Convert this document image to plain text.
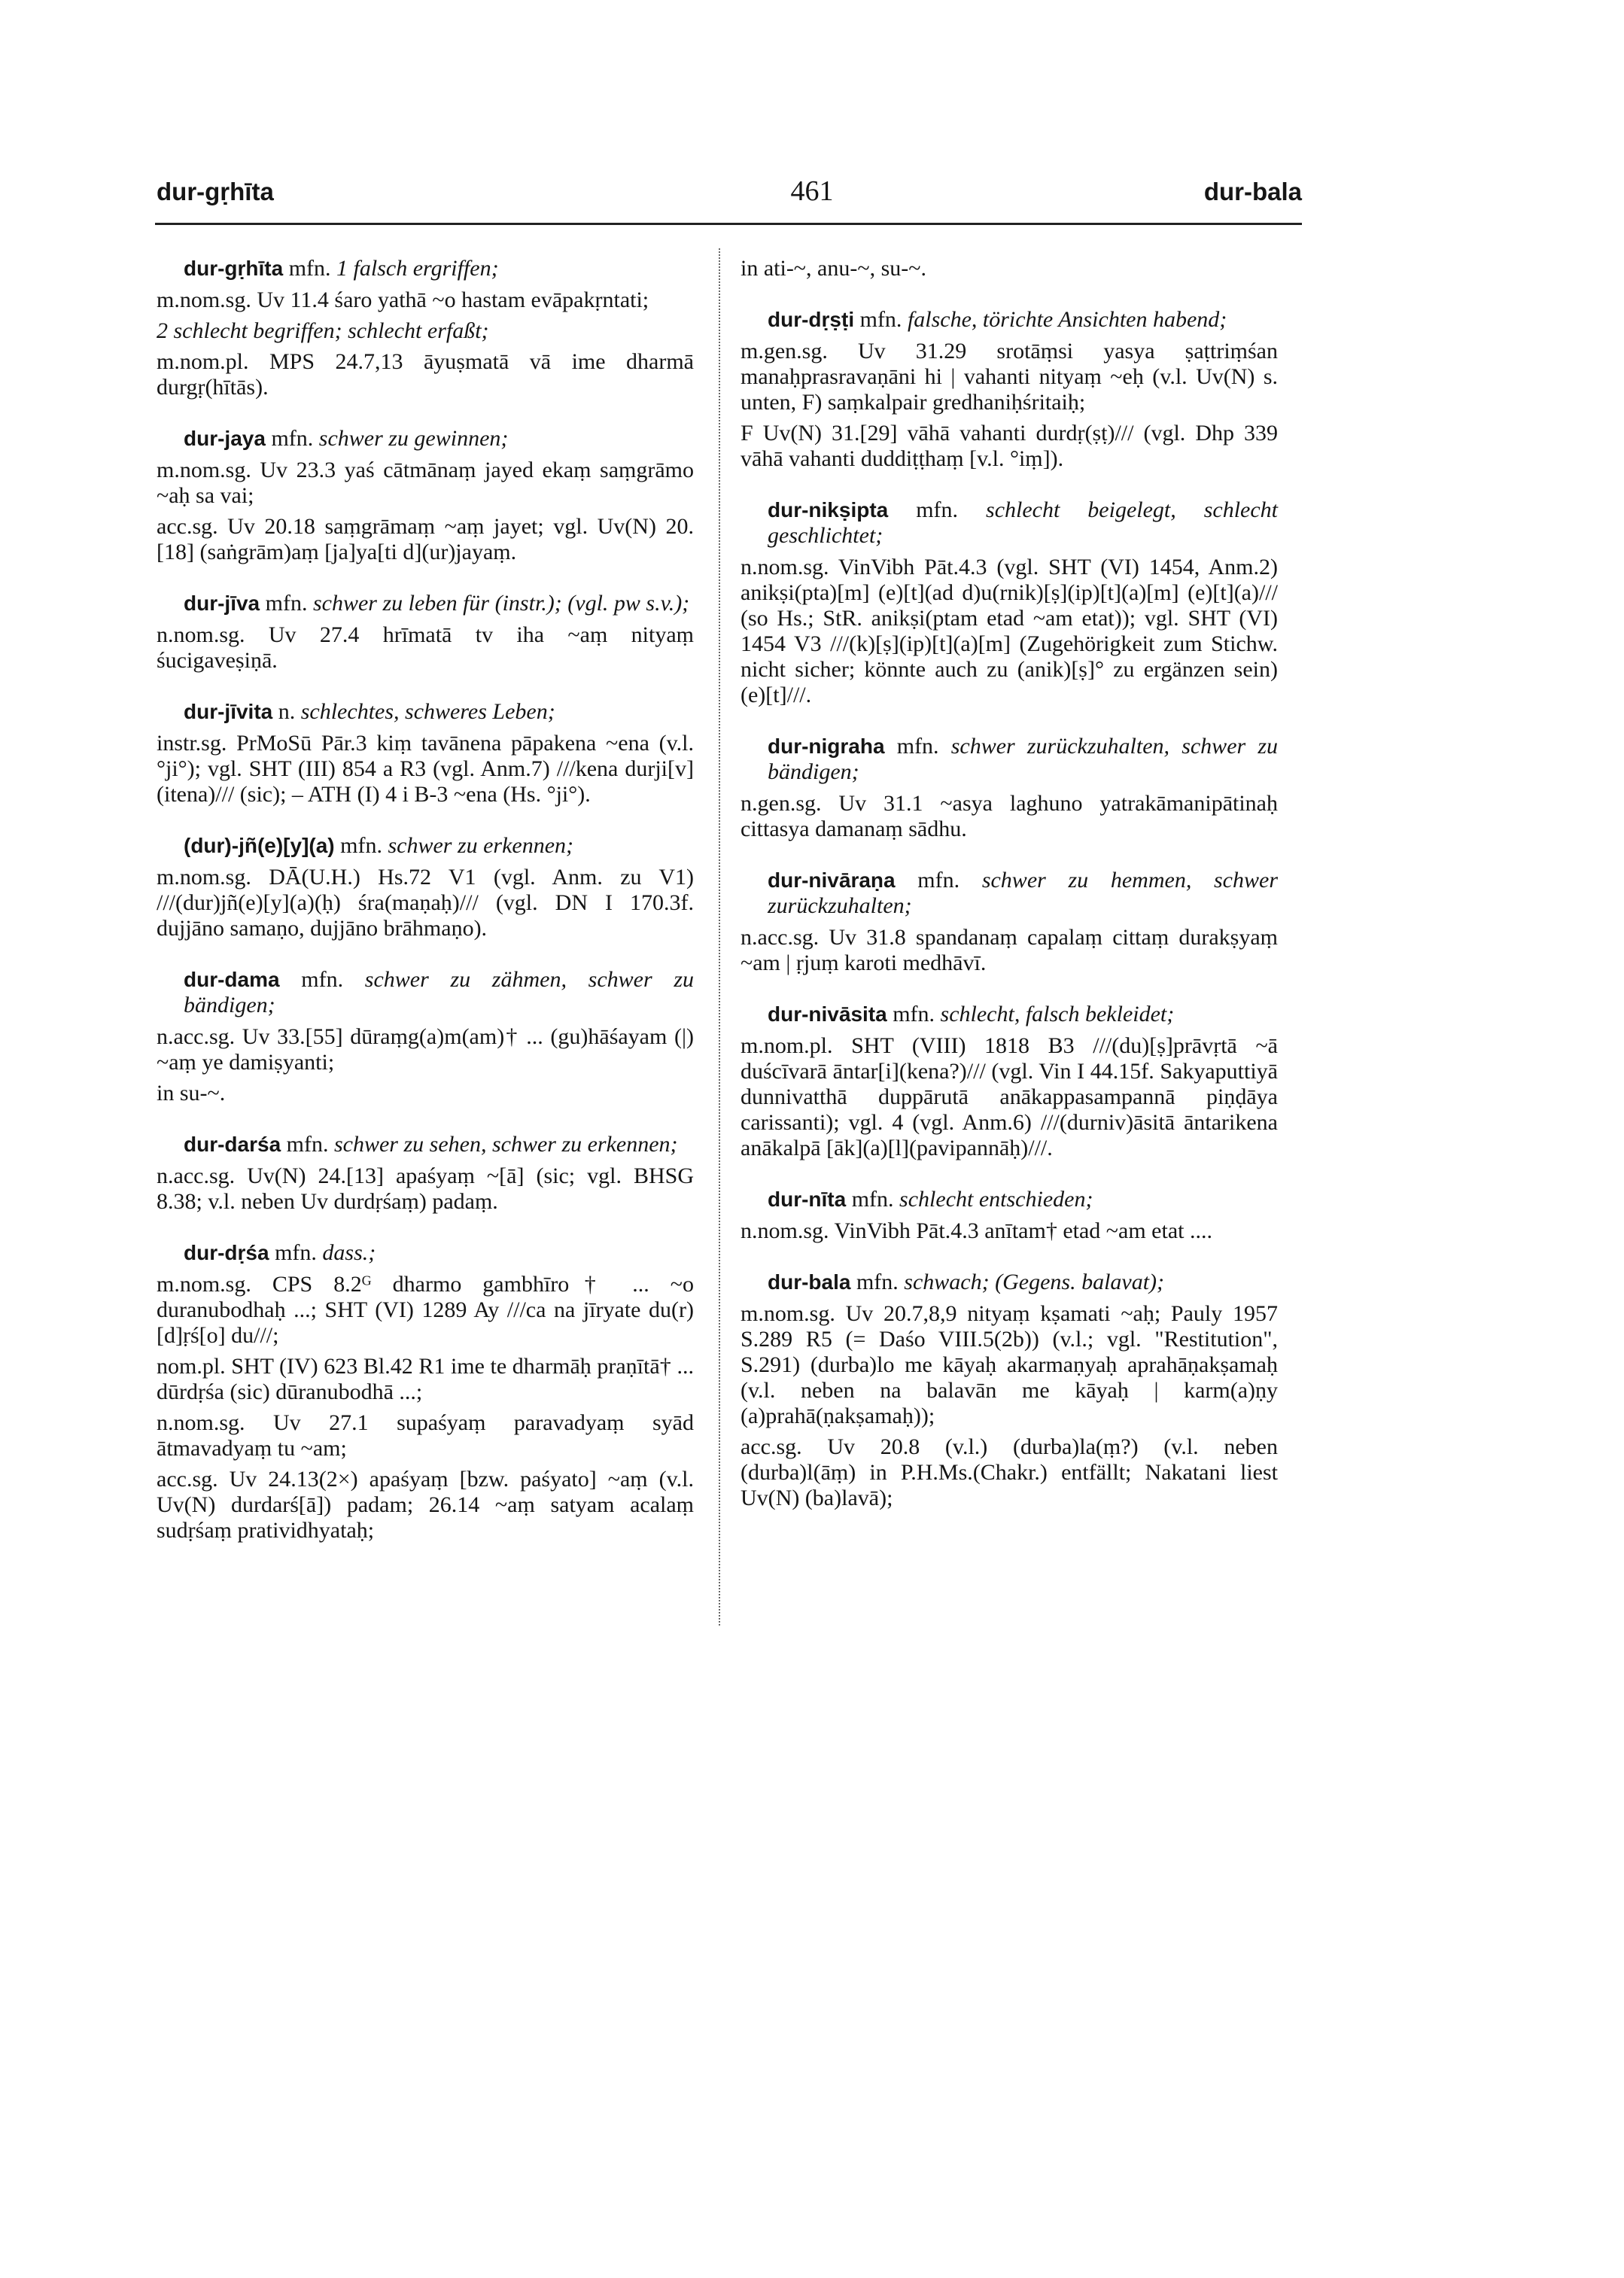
dur-gṛhīta	461	dur-bala
dur-gṛhīta mfn. 1 falsch ergriffen;
m.nom.sg. Uv 11.4 śaro yathā ~o hastam evāpakṛntati;
2 schlecht begriffen; schlecht erfaßt;
m.nom.pl. MPS 24.7,13 āyuṣmatā vā ime dharmā durgṛ(hītās).
dur-jaya mfn. schwer zu gewinnen;
m.nom.sg. Uv 23.3 yaś cātmānaṃ jayed ekaṃ saṃgrāmo ~aḥ sa vai;
acc.sg. Uv 20.18 saṃgrāmaṃ ~aṃ jayet; vgl. Uv(N) 20.[18] (saṅgrām)aṃ [ja]ya[ti d](ur)jayaṃ.
dur-jīva mfn. schwer zu leben für (instr.); (vgl. pw s.v.);
n.nom.sg. Uv 27.4 hrīmatā tv iha ~aṃ nityaṃ śucigaveṣiṇā.
dur-jīvita n. schlechtes, schweres Leben;
instr.sg. PrMoSū Pār.3 kiṃ tavānena pāpakena ~ena (v.l. °ji°); vgl. SHT (III) 854 a R3 (vgl. Anm.7) ///kena durji[v](itena)/// (sic); – ATH (I) 4 i B-3 ~ena (Hs. °ji°).
(dur)-jñ(e)[y](a) mfn. schwer zu erkennen;
m.nom.sg. DĀ(U.H.) Hs.72 V1 (vgl. Anm. zu V1) ///(dur)jñ(e)[y](a)(ḥ) śra(maṇaḥ)/// (vgl. DN I 170.3f. dujjāno samaṇo, dujjāno brāhmaṇo).
dur-dama mfn. schwer zu zähmen, schwer zu bändigen;
n.acc.sg. Uv 33.[55] dūraṃg(a)m(am)† ... (gu)hāśayam (|) ~aṃ ye damiṣyanti;
in su-~.
dur-darśa mfn. schwer zu sehen, schwer zu erkennen;
n.acc.sg. Uv(N) 24.[13] apaśyaṃ ~[ā] (sic; vgl. BHSG 8.38; v.l. neben Uv durdṛśaṃ) padaṃ.
dur-dṛśa mfn. dass.;
m.nom.sg. CPS 8.2ᴳ dharmo gambhīro† ... ~o duranubodhaḥ ...; SHT (VI) 1289 Ay ///ca na jīryate du(r)[d]ṛś[o] du///;
nom.pl. SHT (IV) 623 Bl.42 R1 ime te dharmāḥ praṇītā† ... dūrdṛśa (sic) dūranubodhā ...;
n.nom.sg. Uv 27.1 supaśyaṃ paravadyaṃ syād ātmavadyaṃ tu ~am;
acc.sg. Uv 24.13(2×) apaśyaṃ [bzw. paśyato] ~aṃ (v.l. Uv(N) durdarś[ā]) padam; 26.14 ~aṃ satyam acalaṃ sudṛśaṃ pratividhyataḥ;
in ati-~, anu-~, su-~.
dur-dṛṣṭi mfn. falsche, törichte Ansichten habend;
m.gen.sg. Uv 31.29 srotāṃsi yasya ṣaṭtriṃśan manaḥprasravaṇāni hi | vahanti nityaṃ ~eḥ (v.l. Uv(N) s. unten, F) saṃkalpair gredhaniḥśritaiḥ;
F Uv(N) 31.[29] vāhā vahanti durdṛ(ṣṭ)/// (vgl. Dhp 339 vāhā vahanti duddiṭṭhaṃ [v.l. °iṃ]).
dur-nikṣipta mfn. schlecht beigelegt, schlecht geschlichtet;
n.nom.sg. VinVibh Pāt.4.3 (vgl. SHT (VI) 1454, Anm.2) anikṣi(pta)[m] (e)[t](ad d)u(rnik)[ṣ](ip)[t](a)[m] (e)[t](a)/// (so Hs.; StR. anikṣi(ptam etad ~am etat)); vgl. SHT (VI) 1454 V3 ///(k)[ṣ](ip)[t](a)[m] (Zugehörigkeit zum Stichw. nicht sicher; könnte auch zu (anik)[ṣ]° zu ergänzen sein) (e)[t]///.
dur-nigraha mfn. schwer zurückzuhalten, schwer zu bändigen;
n.gen.sg. Uv 31.1 ~asya laghuno yatrakāmanipātinaḥ cittasya damanaṃ sādhu.
dur-nivāraṇa mfn. schwer zu hemmen, schwer zurückzuhalten;
n.acc.sg. Uv 31.8 spandanaṃ capalaṃ cittaṃ durakṣyaṃ ~am | ṛjuṃ karoti medhāvī.
dur-nivāsita mfn. schlecht, falsch bekleidet;
m.nom.pl. SHT (VIII) 1818 B3 ///(du)[ṣ]prāvṛtā ~ā duścīvarā āntar[i](kena?)/// (vgl. Vin I 44.15f. Sakyaputtiyā dunnivatthā duppārutā anākappasampannā piṇḍāya carissanti); vgl. 4 (vgl. Anm.6) ///(durniv)āsitā āntarikena anākalpā [āk](a)[l](pavipannāḥ)///.
dur-nīta mfn. schlecht entschieden;
n.nom.sg. VinVibh Pāt.4.3 anītam† etad ~am etat ....
dur-bala mfn. schwach; (Gegens. balavat);
m.nom.sg. Uv 20.7,8,9 nityaṃ kṣamati ~aḥ; Pauly 1957 S.289 R5 (= Daśo VIII.5(2b)) (v.l.; vgl. "Restitution", S.291) (durba)lo me kāyaḥ akarmaṇyaḥ aprahāṇakṣamaḥ (v.l. neben na balavān me kāyaḥ | karm(a)ṇy (a)prahā(ṇakṣamaḥ));
acc.sg. Uv 20.8 (v.l.) (durba)la(ṃ?) (v.l. neben (durba)l(āṃ) in P.H.Ms.(Chakr.) entfällt; Nakatani liest Uv(N) (ba)lavā);
